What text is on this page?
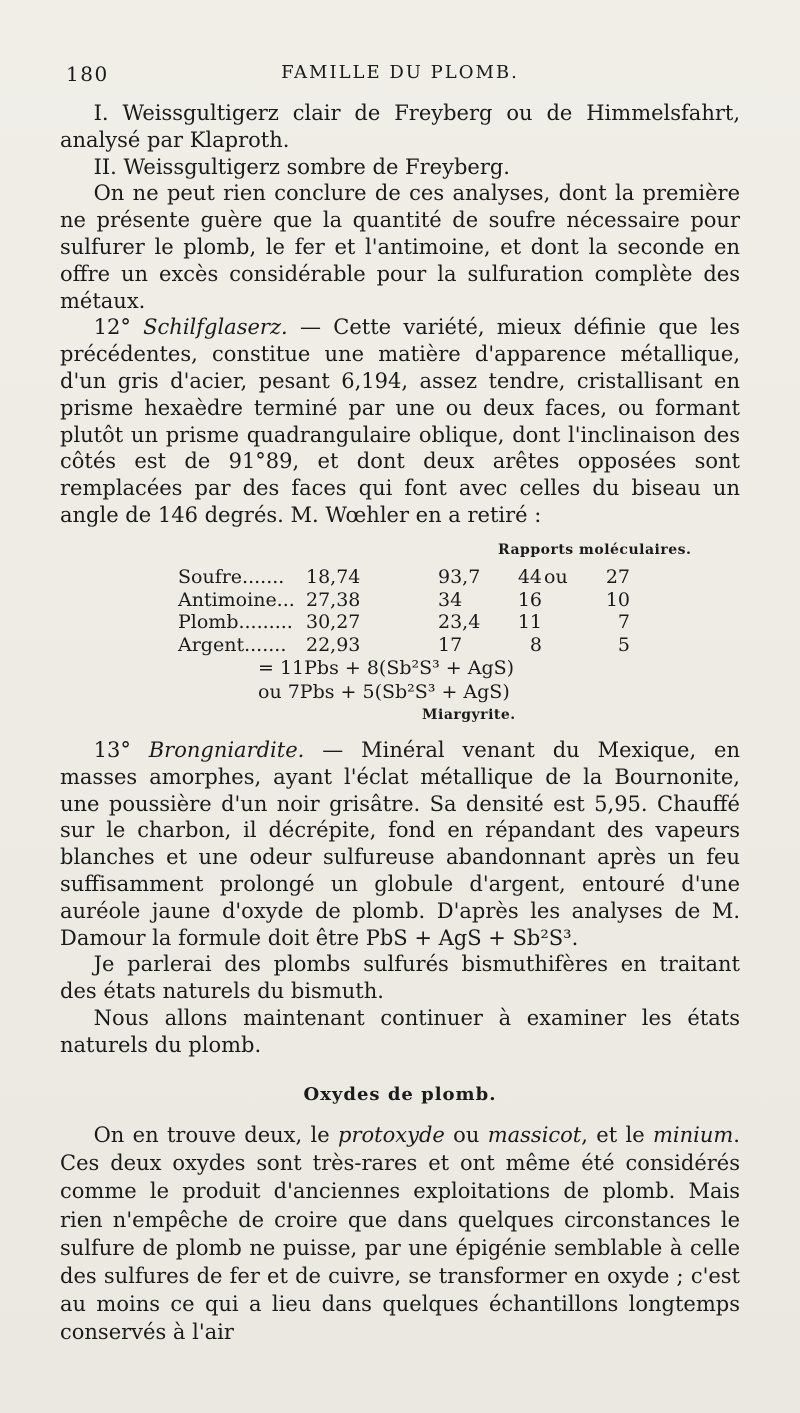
180	FAMILLE DU PLOMB.

I. Weissgultigerz clair de Freyberg ou de Himmelsfahrt, analysé par Klaproth.

II. Weissgultigerz sombre de Freyberg.

On ne peut rien conclure de ces analyses, dont la première ne présente guère que la quantité de soufre nécessaire pour sulfurer le plomb, le fer et l'antimoine, et dont la seconde en offre un excès considérable pour la sulfuration complète des métaux.

12° Schilfglaserz. — Cette variété, mieux définie que les précédentes, constitue une matière d'apparence métallique, d'un gris d'acier, pesant 6,194, assez tendre, cristallisant en prisme hexaèdre terminé par une ou deux faces, ou formant plutôt un prisme quadrangulaire oblique, dont l'inclinaison des côtés est de 91°89, et dont deux arêtes opposées sont remplacées par des faces qui font avec celles du biseau un angle de 146 degrés. M. Wœhler en a retiré :

Rapports moléculaires.
Soufre....... 18,74	93,7	44 ou	27
Antimoine... 27,38	34	16	10
Plomb......... 30,27	23,4	11	7
Argent....... 22,93	17	8	5
= 11Pbs + 8(Sb²S³ + AgS)
ou 7Pbs + 5(Sb²S³ + AgS)
Miargyrite.

13° Brongniardite. — Minéral venant du Mexique, en masses amorphes, ayant l'éclat métallique de la Bournonite, une poussière d'un noir grisâtre. Sa densité est 5,95. Chauffé sur le charbon, il décrépite, fond en répandant des vapeurs blanches et une odeur sulfureuse abandonnant après un feu suffisamment prolongé un globule d'argent, entouré d'une auréole jaune d'oxyde de plomb. D'après les analyses de M. Damour la formule doit être PbS + AgS + Sb²S³.

Je parlerai des plombs sulfurés bismuthifères en traitant des états naturels du bismuth.

Nous allons maintenant continuer à examiner les états naturels du plomb.

Oxydes de plomb.

On en trouve deux, le protoxyde ou massicot, et le minium. Ces deux oxydes sont très-rares et ont même été considérés comme le produit d'anciennes exploitations de plomb. Mais rien n'empêche de croire que dans quelques circonstances le sulfure de plomb ne puisse, par une épigénie semblable à celle des sulfures de fer et de cuivre, se transformer en oxyde ; c'est au moins ce qui a lieu dans quelques échantillons longtemps conservés à l'air
